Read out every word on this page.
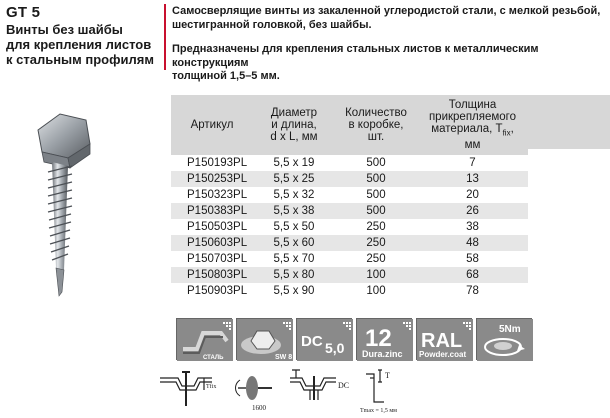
GT 5
Винты без шайбы
для крепления листов
к стальным профилям

Самосверлящие винты из закаленной углеродистой стали, с мелкой резьбой,
шестигранной головкой, без шайбы.

Предназначены для крепления стальных листов к металлическим конструкциям
толщиной 1,5–5 мм.

Артикул	Диаметр
и длина,
d x L, мм	Количество
в коробке,
шт.	Толщина
прикрепляемого
материала, $T_{fix}$,
мм
P150193PL	5,5 x 19	500	7
P150253PL	5,5 x 25	500	13
P150323PL	5,5 x 32	500	20
P150383PL	5,5 x 38	500	26
P150503PL	5,5 x 50	250	38
P150603PL	5,5 x 60	250	48
P150703PL	5,5 x 70	250	58
P150803PL	5,5 x 80	100	68
P150903PL	5,5 x 90	100	78
СТАЛЬ	SW 8
DC 5,0 12
Dura.zinc
RAL
Powder.coat
5Nm
Tfix
1600
DC
T
Tmax = 1,5 мм
